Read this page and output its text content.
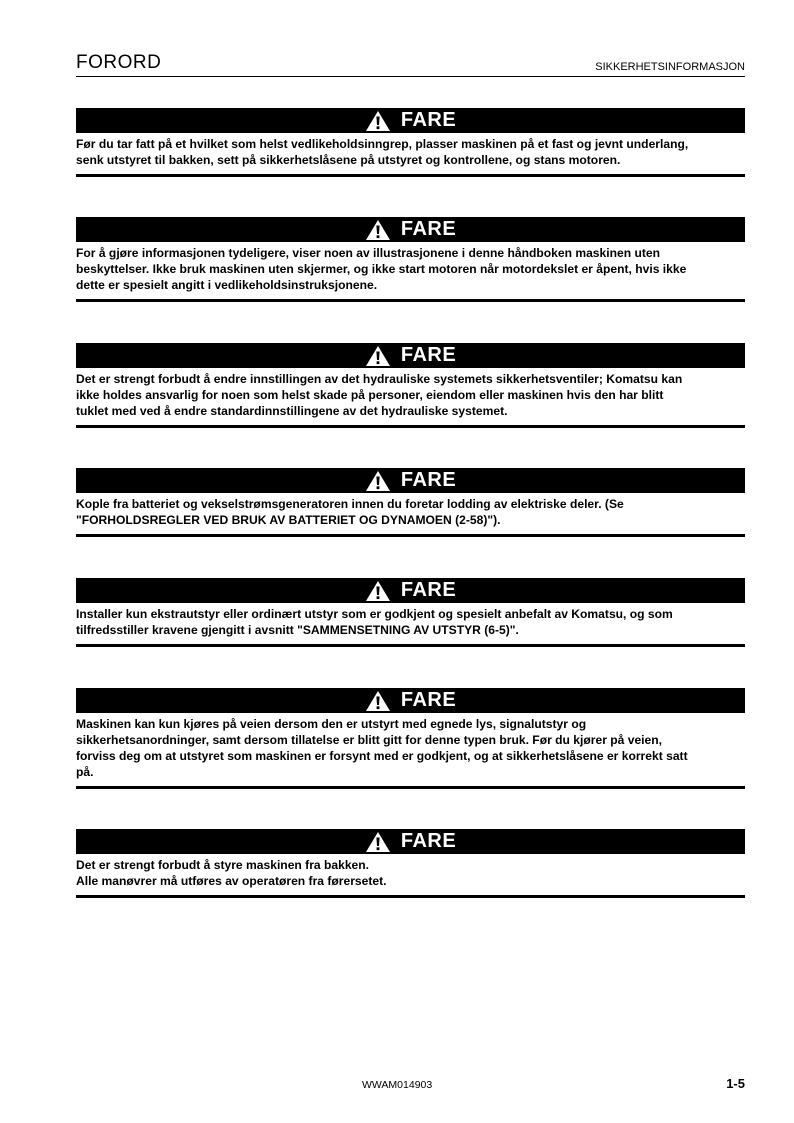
FORORD	SIKKERHETSINFORMASJON
FARE
Før du tar fatt på et hvilket som helst vedlikeholdsinngrep, plasser maskinen på et fast og jevnt underlang,
senk utstyret til bakken, sett på sikkerhetslåsene på utstyret og kontrollene, og stans motoren.
FARE
For å gjøre informasjonen tydeligere, viser noen av illustrasjonene i denne håndboken maskinen uten
beskyttelser. Ikke bruk maskinen uten skjermer, og ikke start motoren når motordekslet er åpent, hvis ikke
dette er spesielt angitt i vedlikeholdsinstruksjonene.
FARE
Det er strengt forbudt å endre innstillingen av det hydrauliske systemets sikkerhetsventiler; Komatsu kan
ikke holdes ansvarlig for noen som helst skade på personer, eiendom eller maskinen hvis den har blitt
tuklet med ved å endre standardinnstillingene av det hydrauliske systemet.
FARE
Kople fra batteriet og vekselstrømsgeneratoren innen du foretar lodding av elektriske deler. (Se
"FORHOLDSREGLER VED BRUK AV BATTERIET OG DYNAMOEN (2-58)").
FARE
Installer kun ekstrautstyr eller ordinært utstyr som er godkjent og spesielt anbefalt av Komatsu, og som
tilfredsstiller kravene gjengitt i avsnitt "SAMMENSETNING AV UTSTYR (6-5)".
FARE
Maskinen kan kun kjøres på veien dersom den er utstyrt med egnede lys, signalutstyr og
sikkerhetsanordninger, samt dersom tillatelse er blitt gitt for denne typen bruk. Før du kjører på veien,
forviss deg om at utstyret som maskinen er forsynt med er godkjent, og at sikkerhetslåsene er korrekt satt
på.
FARE
Det er strengt forbudt å styre maskinen fra bakken.
Alle manøvrer må utføres av operatøren fra førersetet.
WWAM014903	1-5
